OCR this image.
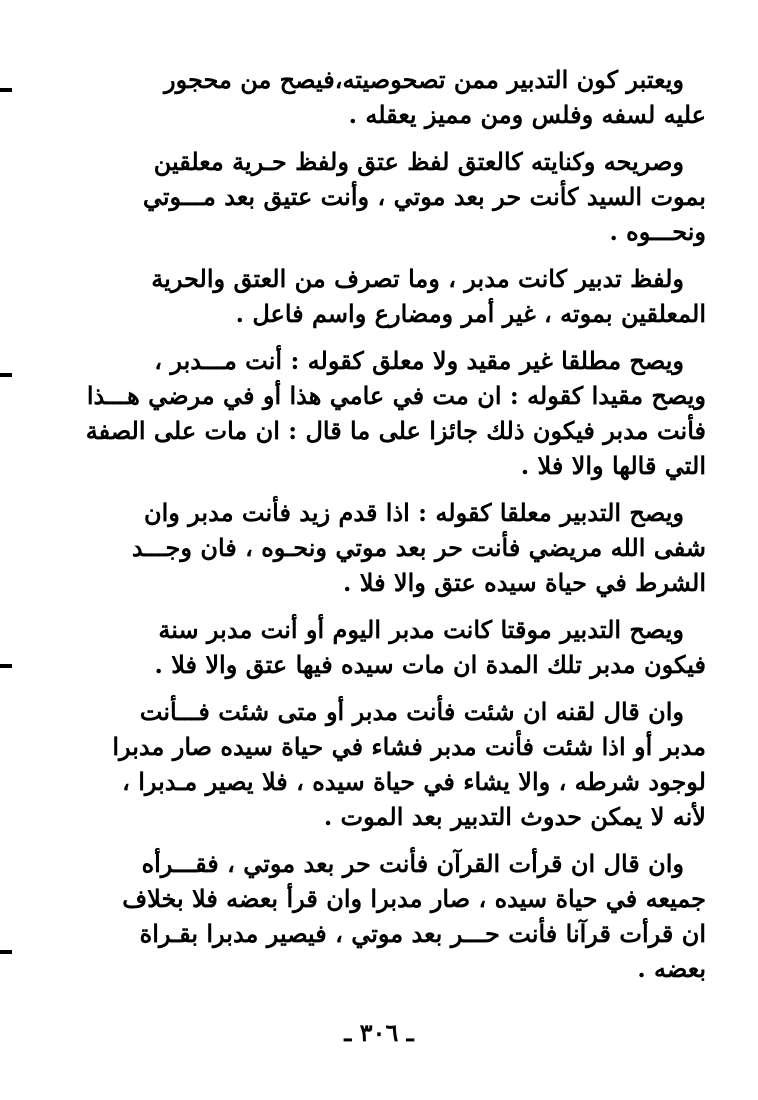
ويعتبر كون التدبير ممن تصحوصيته،فيصح من محجور
عليه لسفه وفلس ومن مميز يعقله .
وصريحه وكنايته كالعتق لفظ عتق ولفظ حـرية معلقين
بموت السيد كأنت حر بعد موتي ، وأنت عتيق بعد مـــوتي
ونحـــوه .
ولفظ تدبير كانت مدبر ، وما تصرف من العتق والحرية
المعلقين بموته ، غير أمر ومضارع واسم فاعل .
ويصح مطلقا غير مقيد ولا معلق كقوله : أنت مـــدبر ،
ويصح مقيدا كقوله : ان مت في عامي هذا أو في مرضي هـــذا
فأنت مدبر فيكون ذلك جائزا على ما قال : ان مات على الصفة
التي قالها والا فلا .
ويصح التدبير معلقا كقوله : اذا قدم زيد فأنت مدبر وان
شفى الله مريضي فأنت حر بعد موتي ونحـوه ، فان وجـــد
الشرط في حياة سيده عتق والا فلا .
ويصح التدبير موقتا كانت مدبر اليوم أو أنت مدبر سنة
فيكون مدبر تلك المدة ان مات سيده فيها عتق والا فلا .
وان قال لقنه ان شئت فأنت مدبر أو متى شئت فـــأنت
مدبر أو اذا شئت فأنت مدبر فشاء في حياة سيده صار مدبرا
لوجود شرطه ، والا يشاء في حياة سيده ، فلا يصير مـدبرا ،
لأنه لا يمكن حدوث التدبير بعد الموت .
وان قال ان قرأت القرآن فأنت حر بعد موتي ، فقـــرأه
جميعه في حياة سيده ، صار مدبرا وان قرأ بعضه فلا بخلاف
ان قرأت قرآنا فأنت حـــر بعد موتي ، فيصير مدبرا بقـراة
بعضه .
ـ ٣٠٦ ـ
